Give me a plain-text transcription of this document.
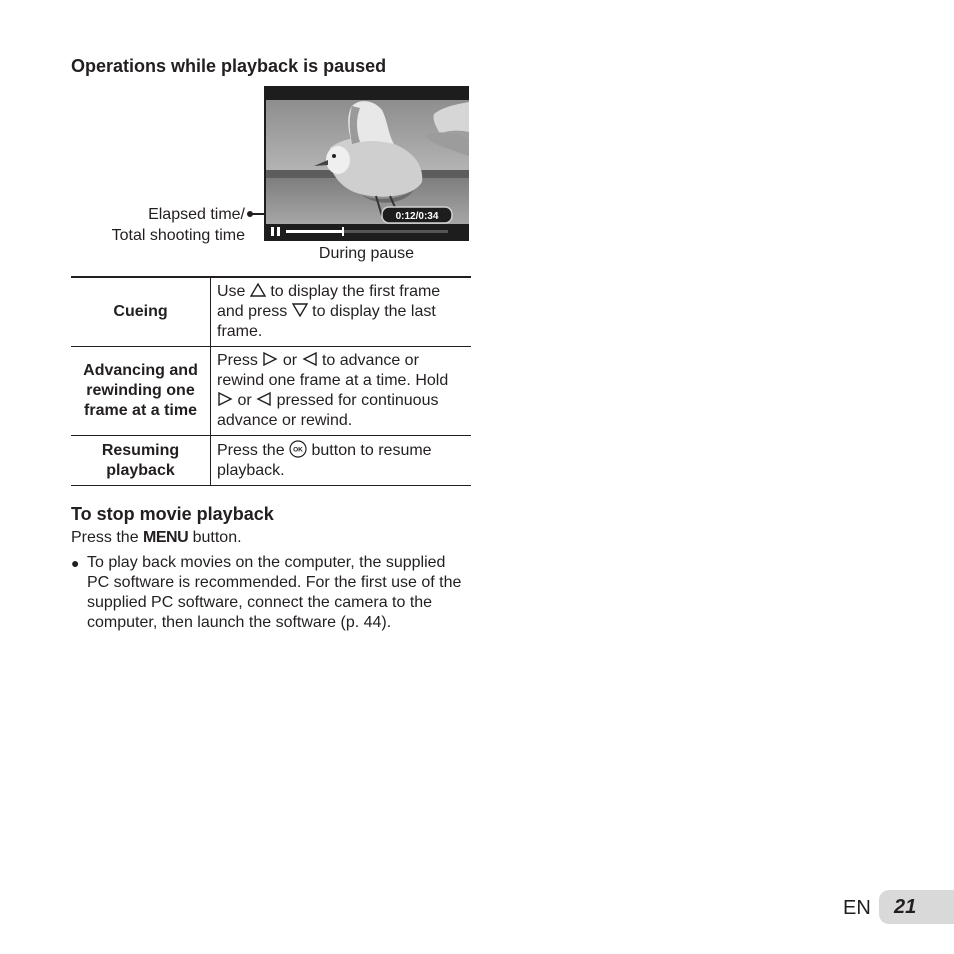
Operations while playback is paused
Elapsed time/
Total shooting time
0:12/0:34
During pause
Cueing	Use to display the first frame and press to display the last frame.
Advancing and rewinding one frame at a time	Press or to advance or rewind one frame at a time. Hold  or pressed for continuous advance or rewind.
Resuming playback	Press the OK button to resume playback.
To stop movie playback
Press the MENU button.
● To play back movies on the computer, the supplied PC software is recommended. For the first use of the supplied PC software, connect the camera to the computer, then launch the software (p. 44).
EN 21
